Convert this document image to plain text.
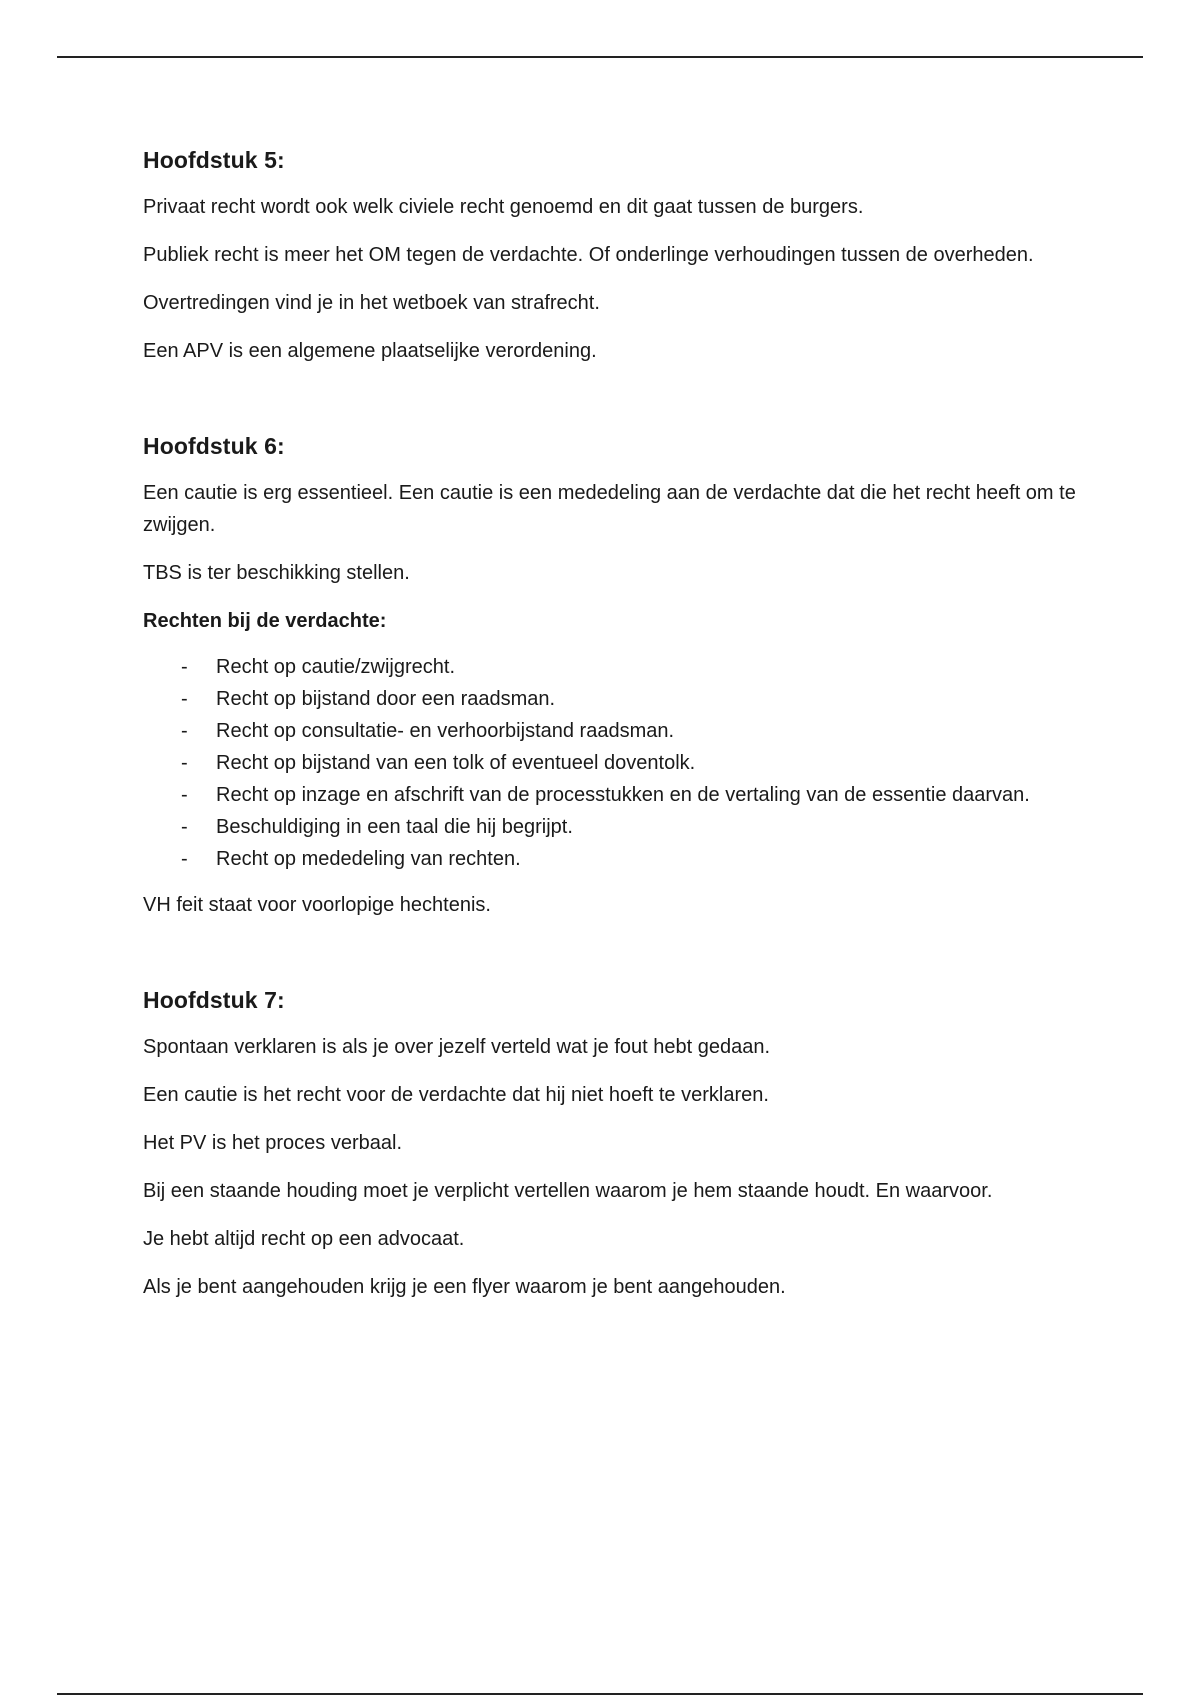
Hoofdstuk 5:

Privaat recht wordt ook welk civiele recht genoemd en dit gaat tussen de burgers.

Publiek recht is meer het OM tegen de verdachte. Of onderlinge verhoudingen tussen de overheden.

Overtredingen vind je in het wetboek van strafrecht.

Een APV is een algemene plaatselijke verordening.

Hoofdstuk 6:

Een cautie is erg essentieel. Een cautie is een mededeling aan de verdachte dat die het recht heeft om te zwijgen.

TBS is ter beschikking stellen.

Rechten bij de verdachte:

- Recht op cautie/zwijgrecht.
- Recht op bijstand door een raadsman.
- Recht op consultatie- en verhoorbijstand raadsman.
- Recht op bijstand van een tolk of eventueel doventolk.
- Recht op inzage en afschrift van de processtukken en de vertaling van de essentie daarvan.
- Beschuldiging in een taal die hij begrijpt.
- Recht op mededeling van rechten.

VH feit staat voor voorlopige hechtenis.

Hoofdstuk 7:

Spontaan verklaren is als je over jezelf verteld wat je fout hebt gedaan.

Een cautie is het recht voor de verdachte dat hij niet hoeft te verklaren.

Het PV is het proces verbaal.

Bij een staande houding moet je verplicht vertellen waarom je hem staande houdt. En waarvoor.

Je hebt altijd recht op een advocaat.

Als je bent aangehouden krijg je een flyer waarom je bent aangehouden.
